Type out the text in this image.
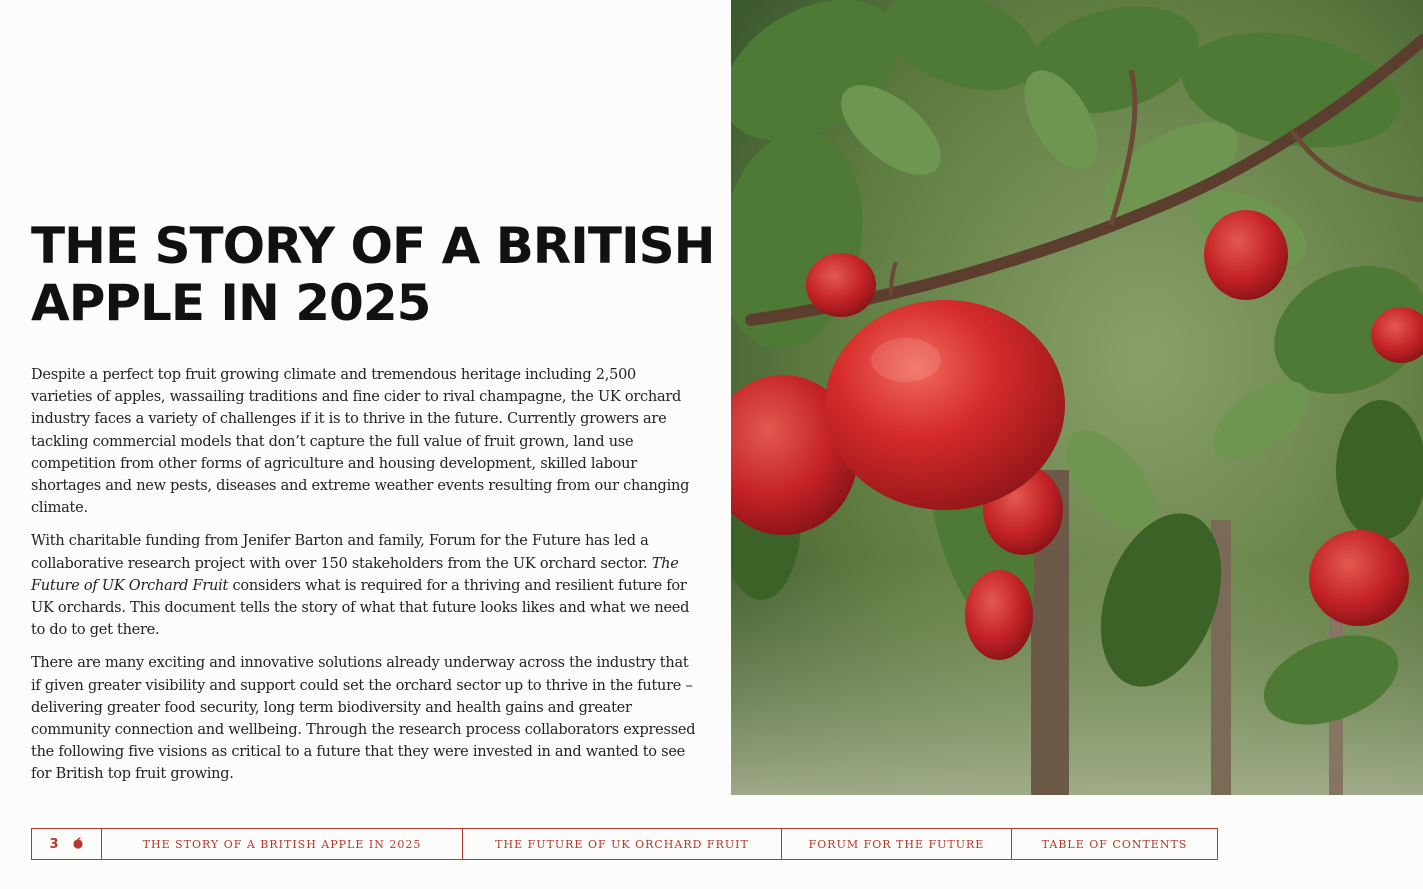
THE STORY OF A BRITISH APPLE IN 2025

Despite a perfect top fruit growing climate and tremendous heritage including 2,500 varieties of apples, wassailing traditions and fine cider to rival champagne, the UK orchard industry faces a variety of challenges if it is to thrive in the future. Currently growers are tackling commercial models that don’t capture the full value of fruit grown, land use competition from other forms of agriculture and housing development, skilled labour shortages and new pests, diseases and extreme weather events resulting from our changing climate.

With charitable funding from Jenifer Barton and family, Forum for the Future has led a collaborative research project with over 150 stakeholders from the UK orchard sector. The Future of UK Orchard Fruit considers what is required for a thriving and resilient future for UK orchards. This document tells the story of what that future looks likes and what we need to do to get there.

There are many exciting and innovative solutions already underway across the industry that if given greater visibility and support could set the orchard sector up to thrive in the future – delivering greater food security, long term biodiversity and health gains and greater community connection and wellbeing. Through the research process collaborators expressed the following five visions as critical to a future that they were invested in and wanted to see for British top fruit growing.

3	THE STORY OF A BRITISH APPLE IN 2025	THE FUTURE OF UK ORCHARD FRUIT	FORUM FOR THE FUTURE	TABLE OF CONTENTS
